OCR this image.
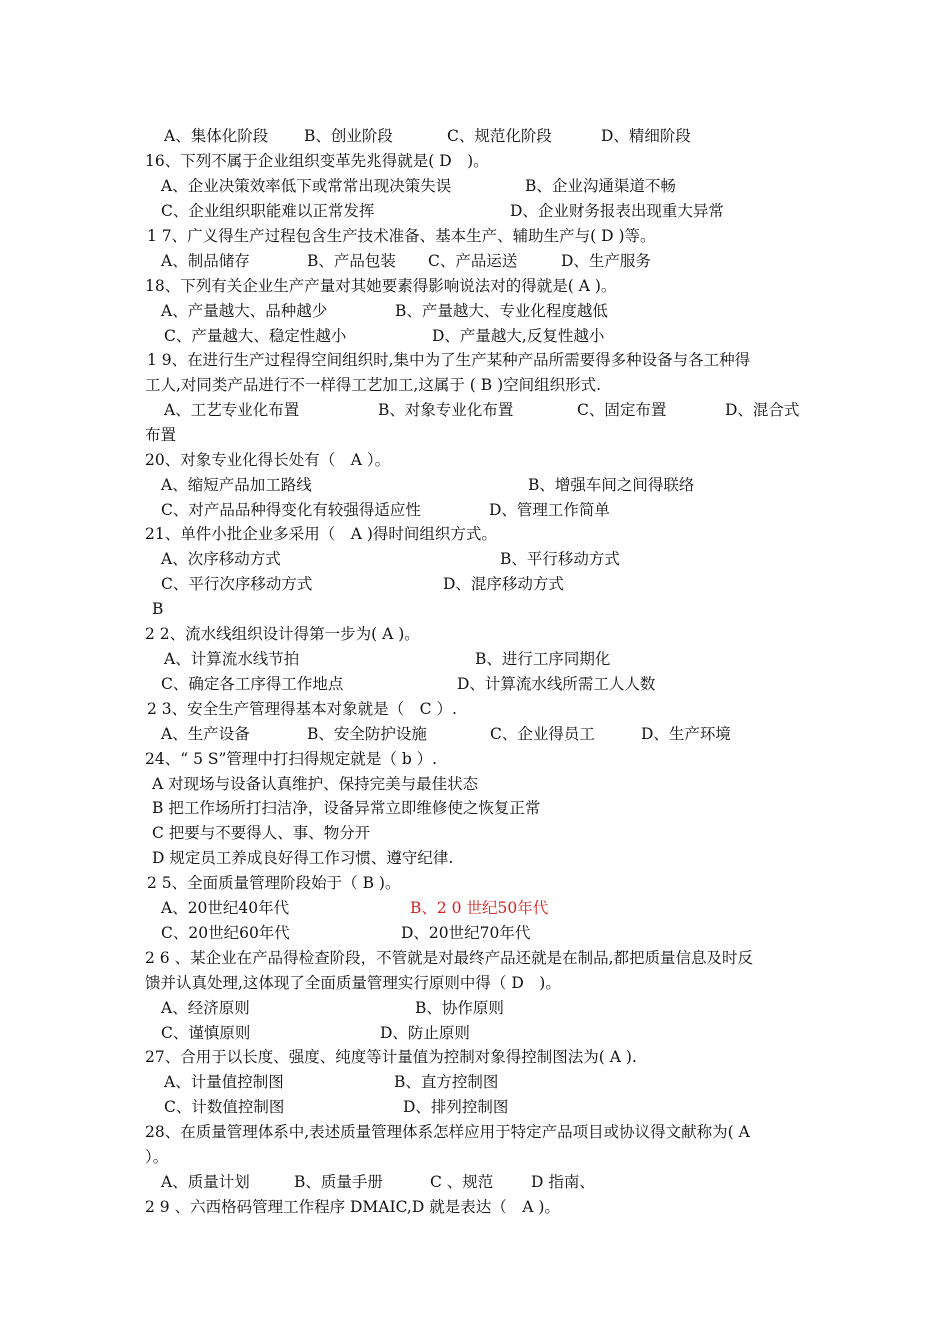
A、集体化阶段 B、创业阶段	C、规范化阶段	D、精细阶段
16、下列不属于企业组织变革先兆得就是( D　)。
A、企业决策效率低下或常常出现决策失误	B、企业沟通渠道不畅
C、企业组织职能难以正常发挥	D、企业财务报表出现重大异常
1 7、广义得生产过程包含生产技术准备、基本生产、辅助生产与( D )等。
A、制品储存	B、产品包装 C、产品运送	D、生产服务
18、下列有关企业生产产量对其她要素得影响说法对的得就是( A )。
A、产量越大、品种越少	B、产量越大、专业化程度越低
C、产量越大、稳定性越小	D、产量越大,反复性越小
1 9、在进行生产过程得空间组织时,集中为了生产某种产品所需要得多种设备与各工种得
工人,对同类产品进行不一样得工艺加工,这属于 ( B )空间组织形式.
A、工艺专业化布置	B、对象专业化布置	C、固定布置	D、混合式
布置
20、对象专业化得长处有（　A ）。
A、缩短产品加工路线	B、增强车间之间得联络
C、对产品品种得变化有较强得适应性	D、管理工作简单
21、单件小批企业多采用（　A )得时间组织方式。
A、次序移动方式	B、平行移动方式
C、平行次序移动方式	D、混序移动方式
B
2 2、流水线组织设计得第一步为( A )。
A、计算流水线节拍	B、进行工序同期化
C、确定各工序得工作地点	D、计算流水线所需工人人数
2 3、安全生产管理得基本对象就是（　C ）.
A、生产设备	B、安全防护设施	C、企业得员工	D、生产环境
24、“ 5 S”管理中打扫得规定就是（ b ）.
A 对现场与设备认真维护、保持完美与最佳状态
B 把工作场所打扫洁净，设备异常立即维修使之恢复正常
C 把要与不要得人、事、物分开
D 规定员工养成良好得工作习惯、遵守纪律.
2 5、全面质量管理阶段始于（ B )。
A、20世纪40年代	B、2 0 世纪50年代
C、20世纪60年代	D、20世纪70年代
2 6 、某企业在产品得检查阶段，不管就是对最终产品还就是在制品,都把质量信息及时反
馈并认真处理,这体现了全面质量管理实行原则中得（ D　)。
A、经济原则	B、协作原则
C、谨慎原则	D、防止原则
27、合用于以长度、强度、纯度等计量值为控制对象得控制图法为( A ).
A、计量值控制图	B、直方控制图
C、计数值控制图	D、排列控制图
28、在质量管理体系中,表述质量管理体系怎样应用于特定产品项目或协议得文献称为( A
）。
A、质量计划	B、质量手册	C 、规范 D 指南、
2 9 、六西格码管理工作程序 DMAIC,D 就是表达（　A )。
